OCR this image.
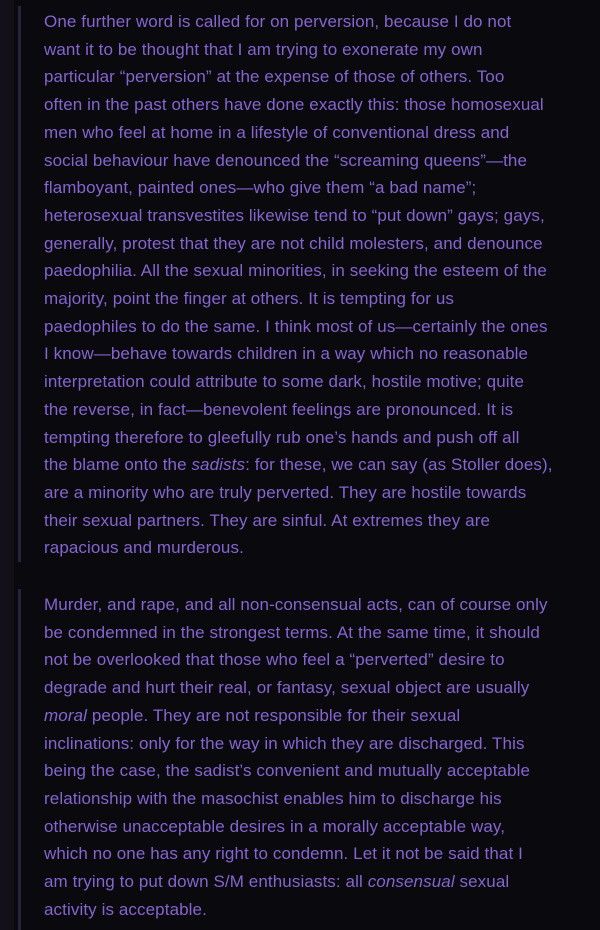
One further word is called for on perversion, because I do not
want it to be thought that I am trying to exonerate my own
particular “perversion” at the expense of those of others. Too
often in the past others have done exactly this: those homosexual
men who feel at home in a lifestyle of conventional dress and
social behaviour have denounced the “screaming queens”—the
flamboyant, painted ones—who give them “a bad name”;
heterosexual transvestites likewise tend to “put down” gays; gays,
generally, protest that they are not child molesters, and denounce
paedophilia. All the sexual minorities, in seeking the esteem of the
majority, point the finger at others. It is tempting for us
paedophiles to do the same. I think most of us—certainly the ones
I know—behave towards children in a way which no reasonable
interpretation could attribute to some dark, hostile motive; quite
the reverse, in fact—benevolent feelings are pronounced. It is
tempting therefore to gleefully rub one’s hands and push off all
the blame onto the sadists: for these, we can say (as Stoller does),
are a minority who are truly perverted. They are hostile towards
their sexual partners. They are sinful. At extremes they are
rapacious and murderous.
Murder, and rape, and all non-consensual acts, can of course only
be condemned in the strongest terms. At the same time, it should
not be overlooked that those who feel a “perverted” desire to
degrade and hurt their real, or fantasy, sexual object are usually
moral people. They are not responsible for their sexual
inclinations: only for the way in which they are discharged. This
being the case, the sadist’s convenient and mutually acceptable
relationship with the masochist enables him to discharge his
otherwise unacceptable desires in a morally acceptable way,
which no one has any right to condemn. Let it not be said that I
am trying to put down S/M enthusiasts: all consensual sexual
activity is acceptable.
